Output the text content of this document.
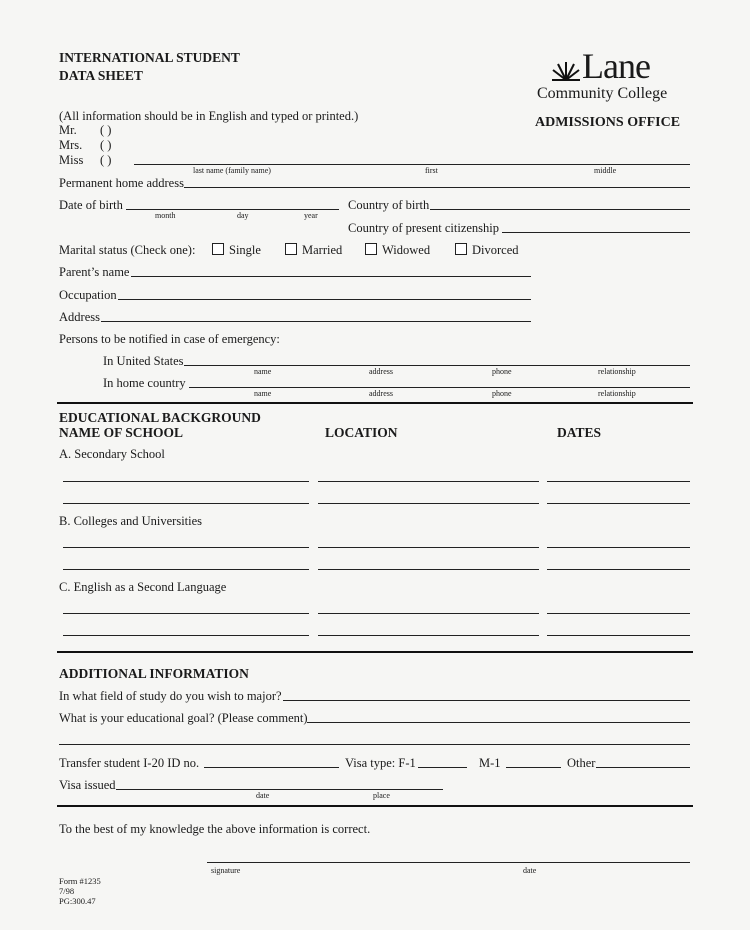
INTERNATIONAL STUDENT
DATA SHEET	Lane
Community College
ADMISSIONS OFFICE
(All information should be in English and typed or printed.)
Mr. ( )
Mrs. ( )
Miss ( )
last name (family name)	first	middle
Permanent home address
Date of birth
month	day	year
Country of birth
Country of present citizenship
Marital status (Check one):	Single	Married	Widowed	Divorced
Parent’s name
Occupation
Address
Persons to be notified in case of emergency:
In United States
name	address	phone	relationship
In home country
name	address	phone	relationship
EDUCATIONAL BACKGROUND
NAME OF SCHOOL	LOCATION	DATES
A. Secondary School
B. Colleges and Universities
C. English as a Second Language
ADDITIONAL INFORMATION
In what field of study do you wish to major?
What is your educational goal? (Please comment)
Transfer student I-20 ID no.	Visa type: F-1	M-1	Other
Visa issued
date	place
To the best of my knowledge the above information is correct.
signature	date
Form #1235
7/98
PG:300.47
